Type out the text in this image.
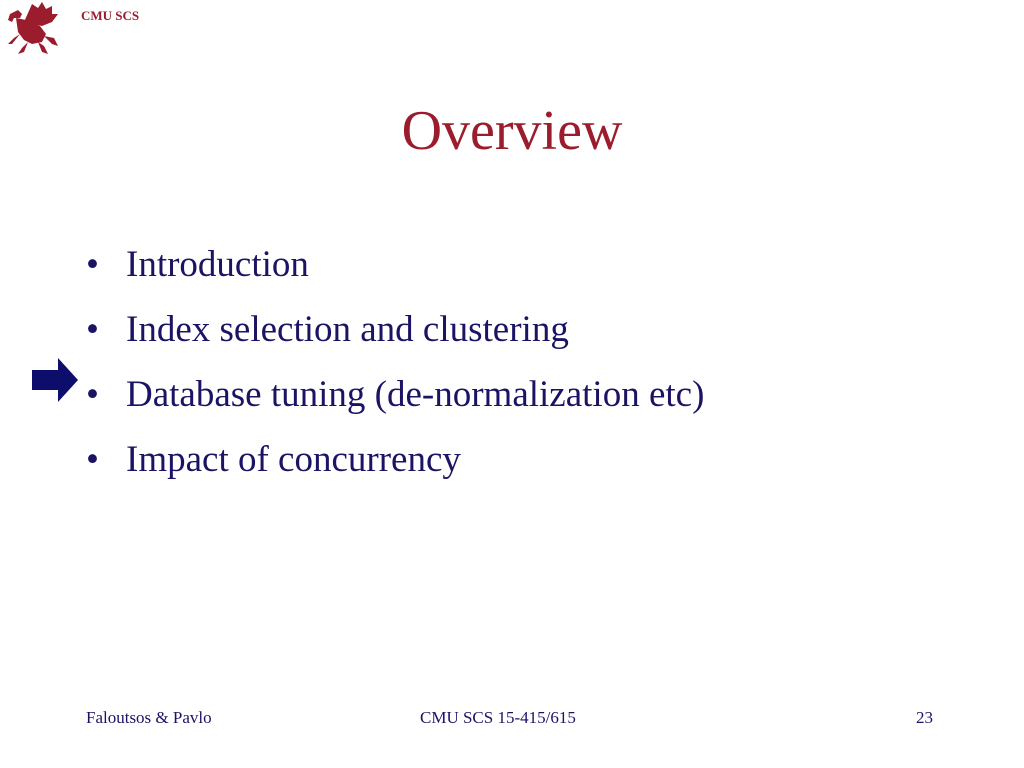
CMU SCS
Overview
• Introduction
• Index selection and clustering
• Database tuning (de-normalization etc)
• Impact of concurrency
Faloutsos & Pavlo	CMU SCS 15-415/615	23
